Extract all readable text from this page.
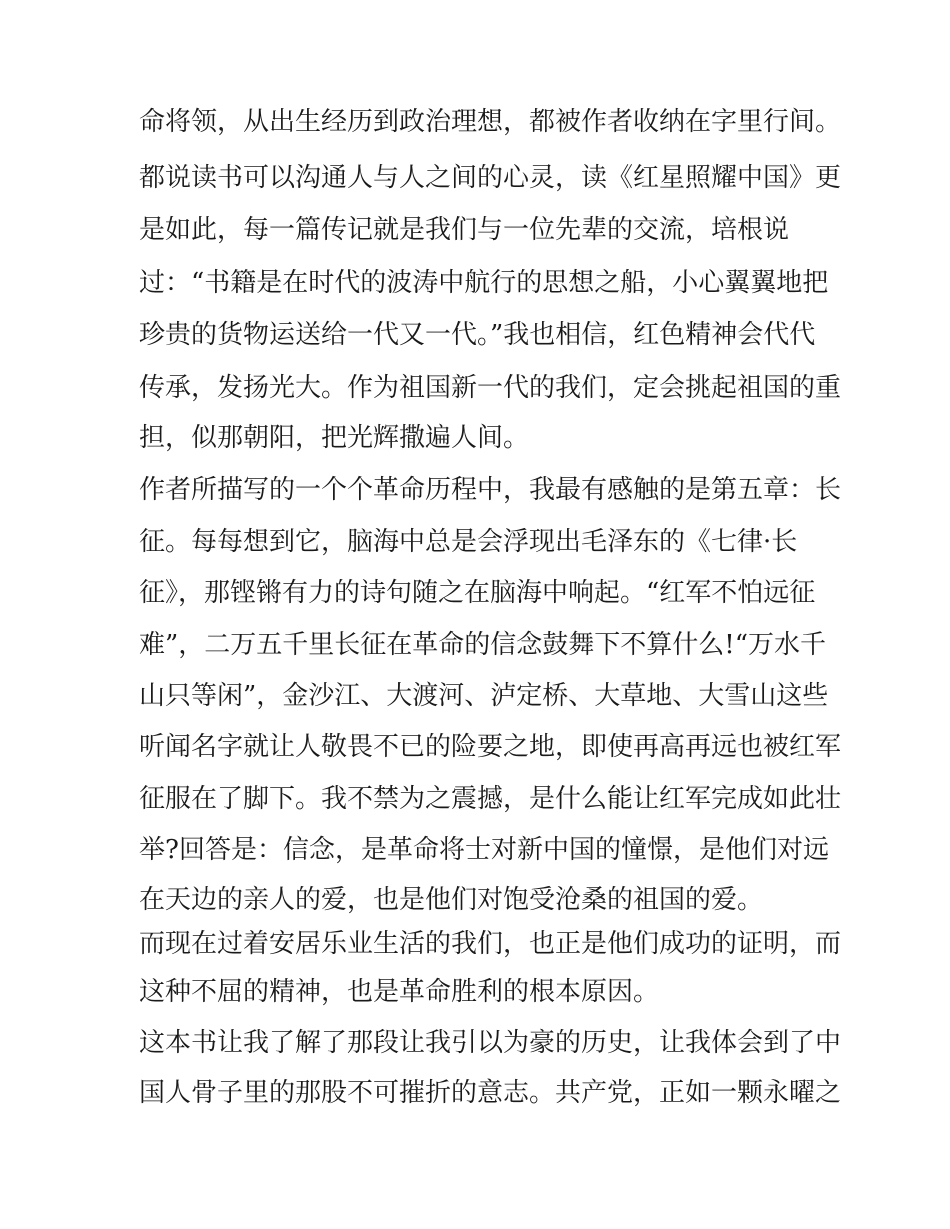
命将领，从出生经历到政治理想，都被作者收纳在字里行间。
都说读书可以沟通人与人之间的心灵，读《红星照耀中国》更
是如此，每一篇传记就是我们与一位先辈的交流，培根说
过：“书籍是在时代的波涛中航行的思想之船，小心翼翼地把
珍贵的货物运送给一代又一代。”我也相信，红色精神会代代
传承，发扬光大。作为祖国新一代的我们，定会挑起祖国的重
担，似那朝阳，把光辉撒遍人间。
作者所描写的一个个革命历程中，我最有感触的是第五章：长
征。每每想到它，脑海中总是会浮现出毛泽东的《七律·长
征》，那铿锵有力的诗句随之在脑海中响起。“红军不怕远征
难”，二万五千里长征在革命的信念鼓舞下不算什么!“万水千
山只等闲”，金沙江、大渡河、泸定桥、大草地、大雪山这些
听闻名字就让人敬畏不已的险要之地，即使再高再远也被红军
征服在了脚下。我不禁为之震撼，是什么能让红军完成如此壮
举?回答是：信念，是革命将士对新中国的憧憬，是他们对远
在天边的亲人的爱，也是他们对饱受沧桑的祖国的爱。
而现在过着安居乐业生活的我们，也正是他们成功的证明，而
这种不屈的精神，也是革命胜利的根本原因。
这本书让我了解了那段让我引以为豪的历史，让我体会到了中
国人骨子里的那股不可摧折的意志。共产党，正如一颗永曜之
